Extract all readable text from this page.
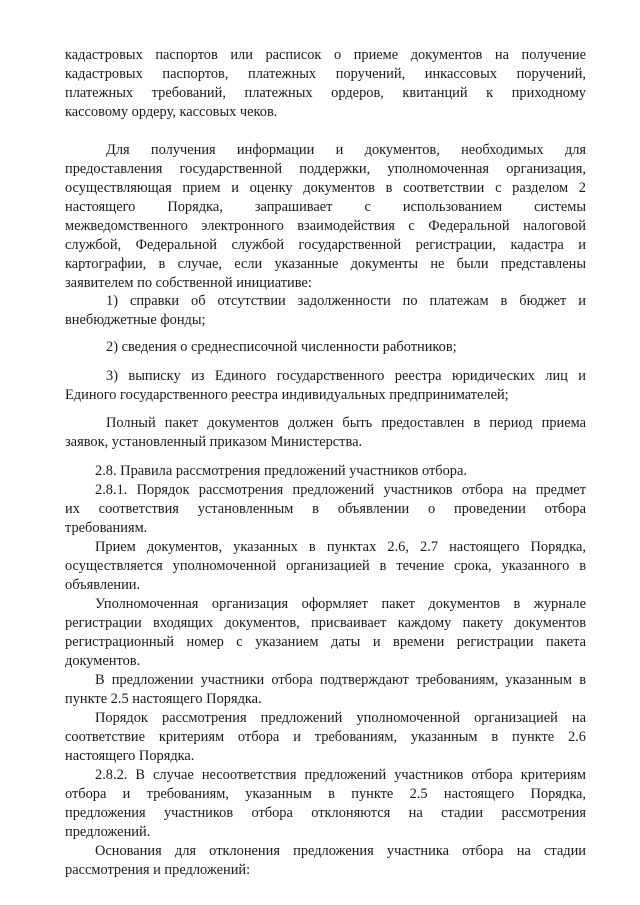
кадастровых паспортов или расписок о приеме документов на получение
кадастровых паспортов, платежных поручений, инкассовых поручений,
платежных требований, платежных ордеров, квитанций к приходному
кассовому ордеру, кассовых чеков.
Для получения информации и документов, необходимых для
предоставления государственной поддержки, уполномоченная организация,
осуществляющая прием и оценку документов в соответствии с разделом 2
настоящего Порядка, запрашивает с использованием системы
межведомственного электронного взаимодействия с Федеральной налоговой
службой, Федеральной службой государственной регистрации, кадастра и
картографии, в случае, если указанные документы не были представлены
заявителем по собственной инициативе:
1) справки об отсутствии задолженности по платежам в бюджет и
внебюджетные фонды;
2) сведения о среднесписочной численности работников;
3) выписку из Единого государственного реестра юридических лиц и
Единого государственного реестра индивидуальных предпринимателей;
Полный пакет документов должен быть предоставлен в период приема
заявок, установленный приказом Министерства.
2.8. Правила рассмотрения предложений участников отбора.
2.8.1. Порядок рассмотрения предложений участников отбора на предмет
их соответствия установленным в объявлении о проведении отбора
требованиям.
Прием документов, указанных в пунктах 2.6, 2.7 настоящего Порядка,
осуществляется уполномоченной организацией в течение срока, указанного в
объявлении.
Уполномоченная организация оформляет пакет документов в журнале
регистрации входящих документов, присваивает каждому пакету документов
регистрационный номер с указанием даты и времени регистрации пакета
документов.
В предложении участники отбора подтверждают требованиям, указанным в
пункте 2.5 настоящего Порядка.
Порядок рассмотрения предложений уполномоченной организацией на
соответствие критериям отбора и требованиям, указанным в пункте 2.6
настоящего Порядка.
2.8.2. В случае несоответствия предложений участников отбора критериям
отбора и требованиям, указанным в пункте 2.5 настоящего Порядка,
предложения участников отбора отклоняются на стадии рассмотрения
предложений.
Основания для отклонения предложения участника отбора на стадии
рассмотрения и предложений:
